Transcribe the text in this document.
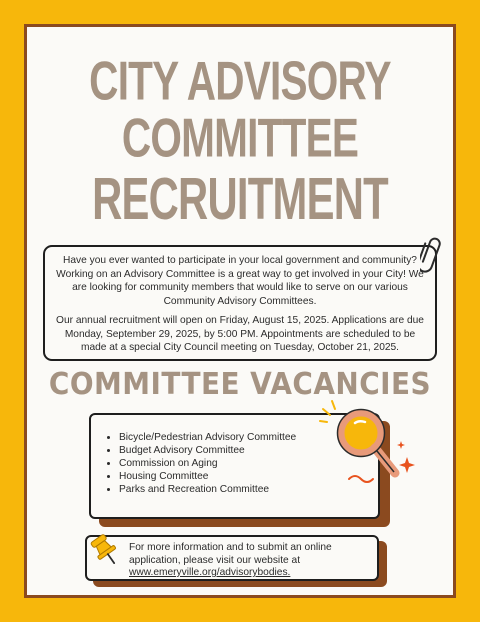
CITY ADVISORY
COMMITTEE
RECRUITMENT

Have you ever wanted to participate in your local government and community? Working on an Advisory Committee is a great way to get involved in your City! We are looking for community members that would like to serve on our various Community Advisory Committees.

Our annual recruitment will open on Friday, August 15, 2025. Applications are due Monday, September 29, 2025, by 5:00 PM. Appointments are scheduled to be made at a special City Council meeting on Tuesday, October 21, 2025.

COMMITTEE VACANCIES
• Bicycle/Pedestrian Advisory Committee
• Budget Advisory Committee
• Commission on Aging
• Housing Committee
• Parks and Recreation Committee
For more information and to submit an online application, please visit our website at www.emeryville.org/advisorybodies.
